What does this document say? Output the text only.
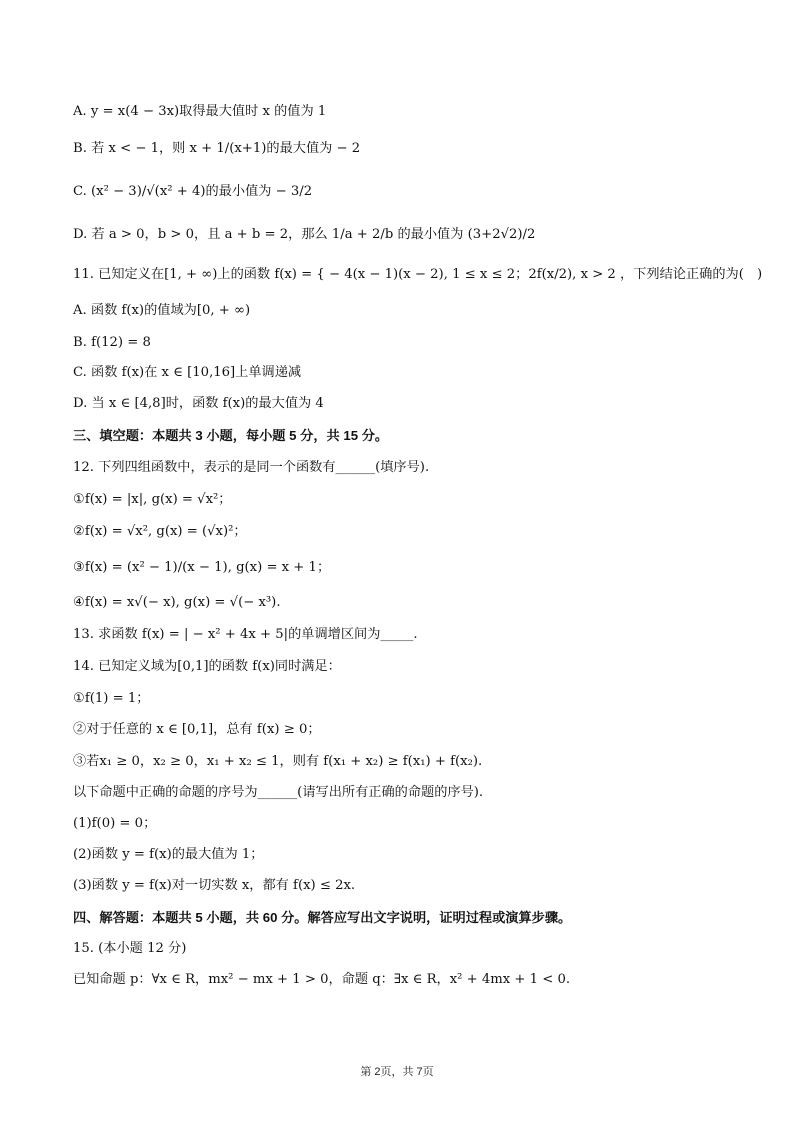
A. y = x(4 − 3x)取得最大值时 x 的值为 1
B. 若 x < − 1，则 x + 1/(x+1)的最大值为 − 2
C. (x² − 3)/√(x² + 4)的最小值为 − 3/2
D. 若 a > 0，b > 0，且 a + b = 2，那么 1/a + 2/b 的最小值为 (3+2√2)/2
11. 已知定义在[1, + ∞)上的函数 f(x) = { − 4(x − 1)(x − 2), 1 ≤ x ≤ 2；2f(x/2), x > 2 ，下列结论正确的为(　)
A. 函数 f(x)的值域为[0, + ∞)
B. f(12) = 8
C. 函数 f(x)在 x ∈ [10,16]上单调递减
D. 当 x ∈ [4,8]时，函数 f(x)的最大值为 4
三、填空题：本题共 3 小题，每小题 5 分，共 15 分。
12. 下列四组函数中，表示的是同一个函数有______(填序号).
①f(x) = |x|, g(x) = √x²；
②f(x) = √x², g(x) = (√x)²；
③f(x) = (x² − 1)/(x − 1), g(x) = x + 1；
④f(x) = x√(− x), g(x) = √(− x³).
13. 求函数 f(x) = | − x² + 4x + 5|的单调增区间为_____.
14. 已知定义域为[0,1]的函数 f(x)同时满足：
①f(1) = 1；
②对于任意的 x ∈ [0,1]，总有 f(x) ≥ 0；
③若x₁ ≥ 0，x₂ ≥ 0，x₁ + x₂ ≤ 1，则有 f(x₁ + x₂) ≥ f(x₁) + f(x₂).
以下命题中正确的命题的序号为______(请写出所有正确的命题的序号).
(1)f(0) = 0；
(2)函数 y = f(x)的最大值为 1；
(3)函数 y = f(x)对一切实数 x，都有 f(x) ≤ 2x.
四、解答题：本题共 5 小题，共 60 分。解答应写出文字说明，证明过程或演算步骤。
15. (本小题 12 分)
已知命题 p：∀x ∈ R，mx² − mx + 1 > 0，命题 q：∃x ∈ R，x² + 4mx + 1 < 0.
第 2页，共 7页
